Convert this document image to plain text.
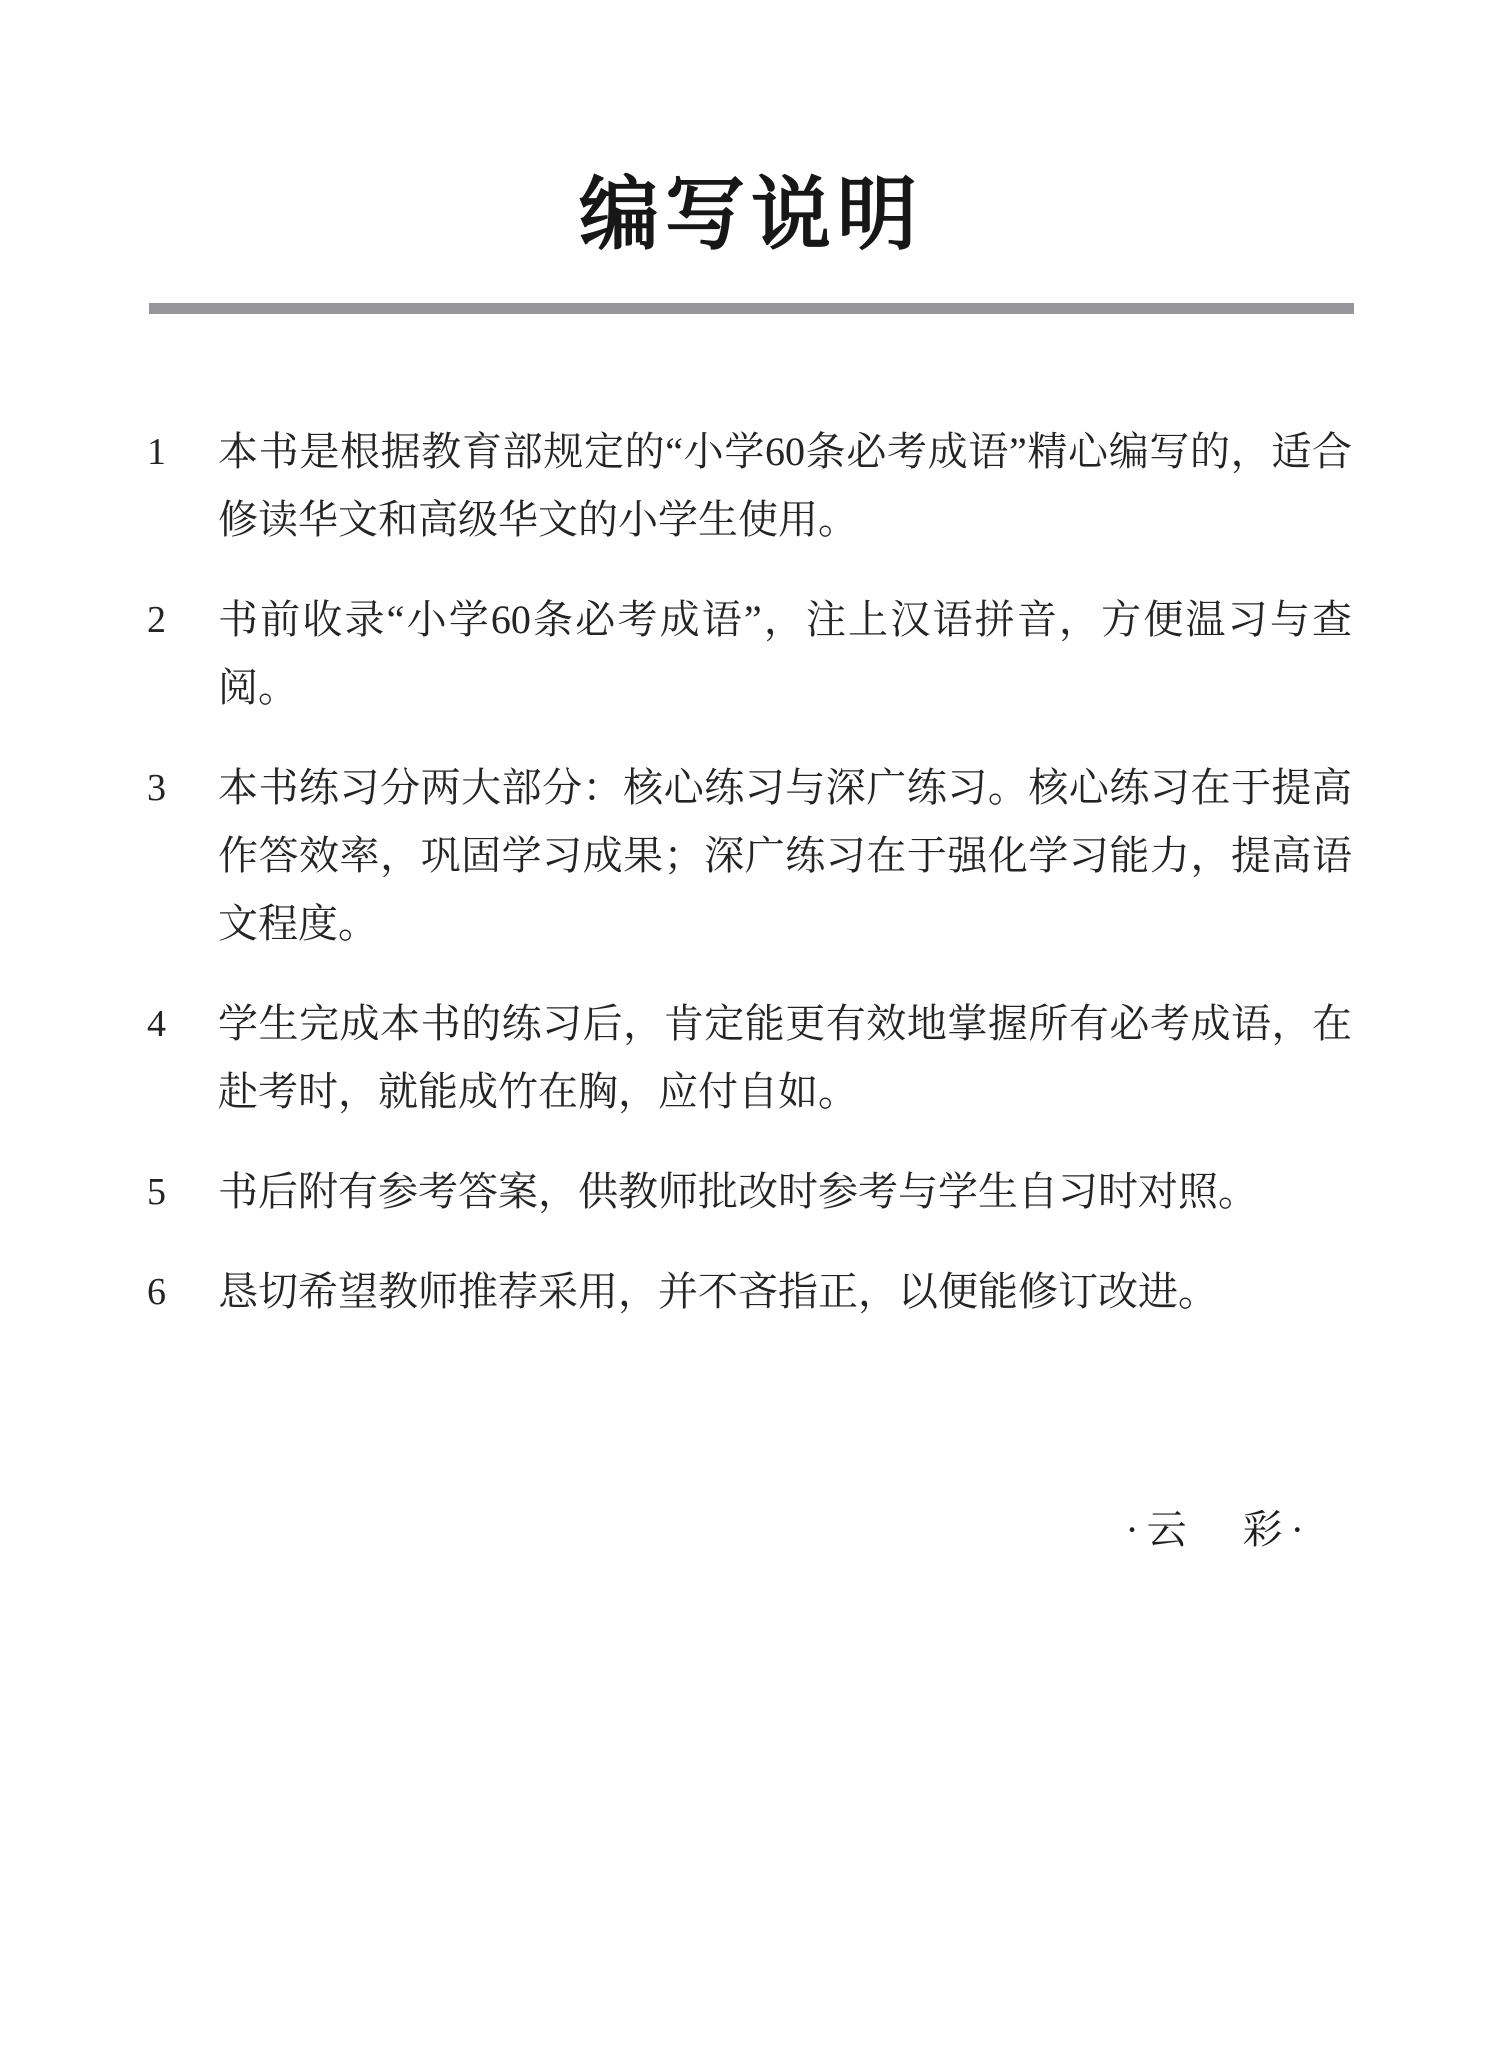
编写说明
1	本书是根据教育部规定的“小学60条必考成语”精心编写的，适合修读华文和高级华文的小学生使用。
2	书前收录“小学60条必考成语”，注上汉语拼音，方便温习与查阅。
3	本书练习分两大部分：核心练习与深广练习。核心练习在于提高作答效率，巩固学习成果；深广练习在于强化学习能力，提高语文程度。
4	学生完成本书的练习后，肯定能更有效地掌握所有必考成语，在赴考时，就能成竹在胸，应付自如。
5	书后附有参考答案，供教师批改时参考与学生自习时对照。
6	恳切希望教师推荐采用，并不吝指正，以便能修订改进。
·云　彩·
